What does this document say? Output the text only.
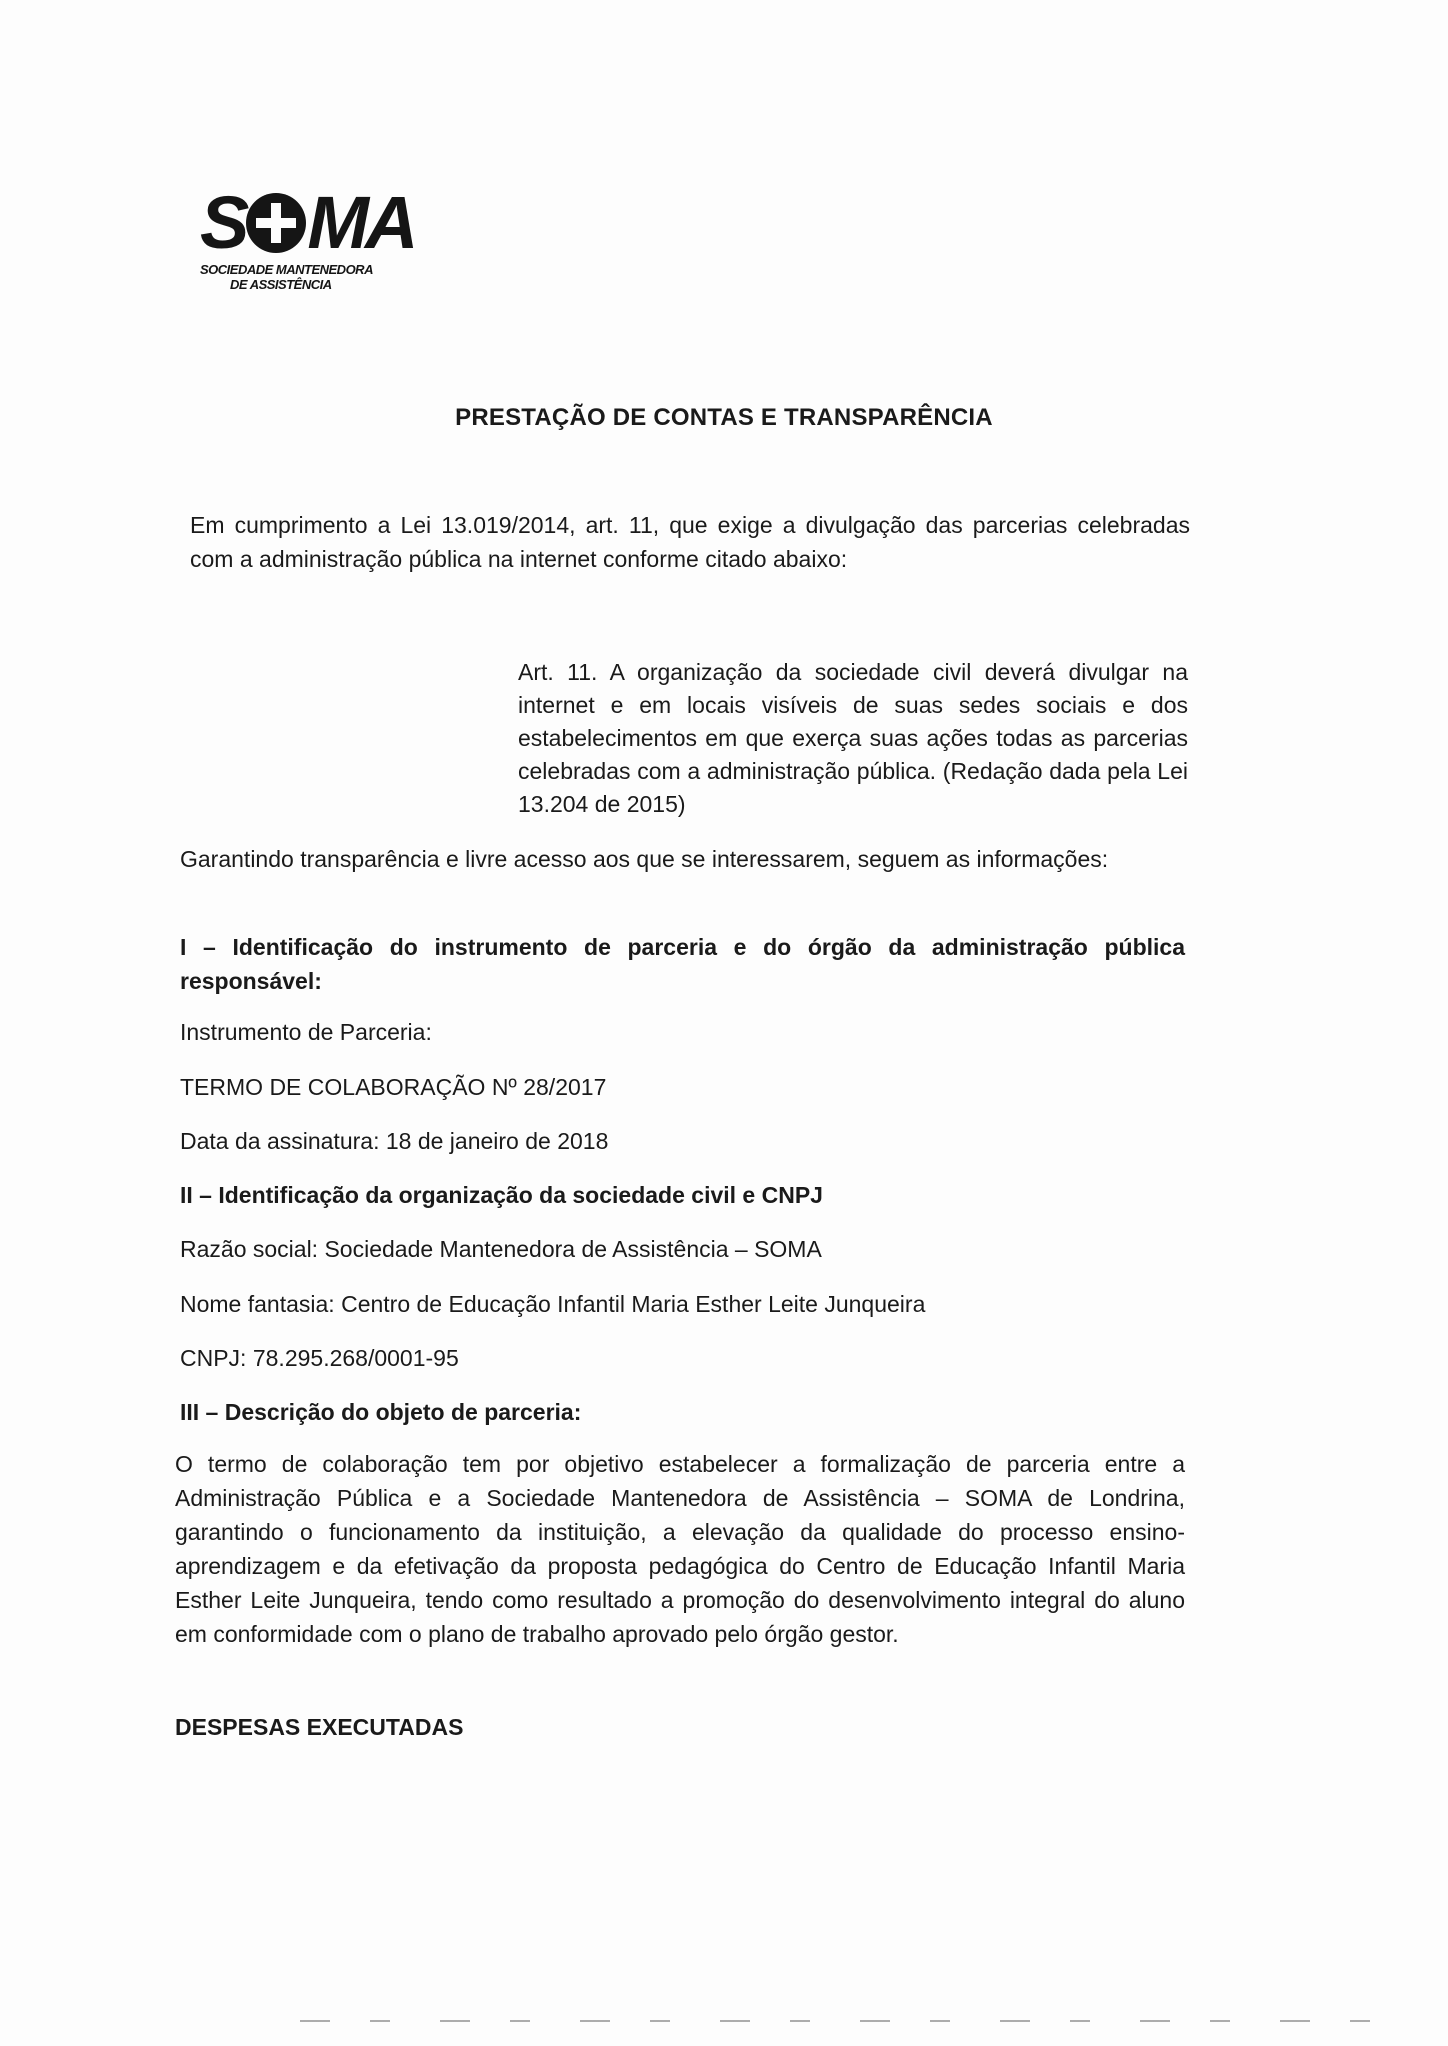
S MA
SOCIEDADE MANTENEDORA
DE ASSISTÊNCIA
PRESTAÇÃO DE CONTAS E TRANSPARÊNCIA

Em cumprimento a Lei 13.019/2014, art. 11, que exige a divulgação das parcerias celebradas com a administração pública na internet conforme citado abaixo:

Art. 11. A organização da sociedade civil deverá divulgar na internet e em locais visíveis de suas sedes sociais e dos estabelecimentos em que exerça suas ações todas as parcerias celebradas com a administração pública. (Redação dada pela Lei 13.204 de 2015)

Garantindo transparência e livre acesso aos que se interessarem, seguem as informações:

I – Identificação do instrumento de parceria e do órgão da administração pública responsável:

Instrumento de Parceria:

TERMO DE COLABORAÇÃO Nº 28/2017

Data da assinatura: 18 de janeiro de 2018

II – Identificação da organização da sociedade civil e CNPJ

Razão social: Sociedade Mantenedora de Assistência – SOMA

Nome fantasia: Centro de Educação Infantil Maria Esther Leite Junqueira

CNPJ: 78.295.268/0001-95

III – Descrição do objeto de parceria:

O termo de colaboração tem por objetivo estabelecer a formalização de parceria entre a Administração Pública e a Sociedade Mantenedora de Assistência – SOMA de Londrina, garantindo o funcionamento da instituição, a elevação da qualidade do processo ensino-aprendizagem e da efetivação da proposta pedagógica do Centro de Educação Infantil Maria Esther Leite Junqueira, tendo como resultado a promoção do desenvolvimento integral do aluno em conformidade com o plano de trabalho aprovado pelo órgão gestor.

DESPESAS EXECUTADAS
